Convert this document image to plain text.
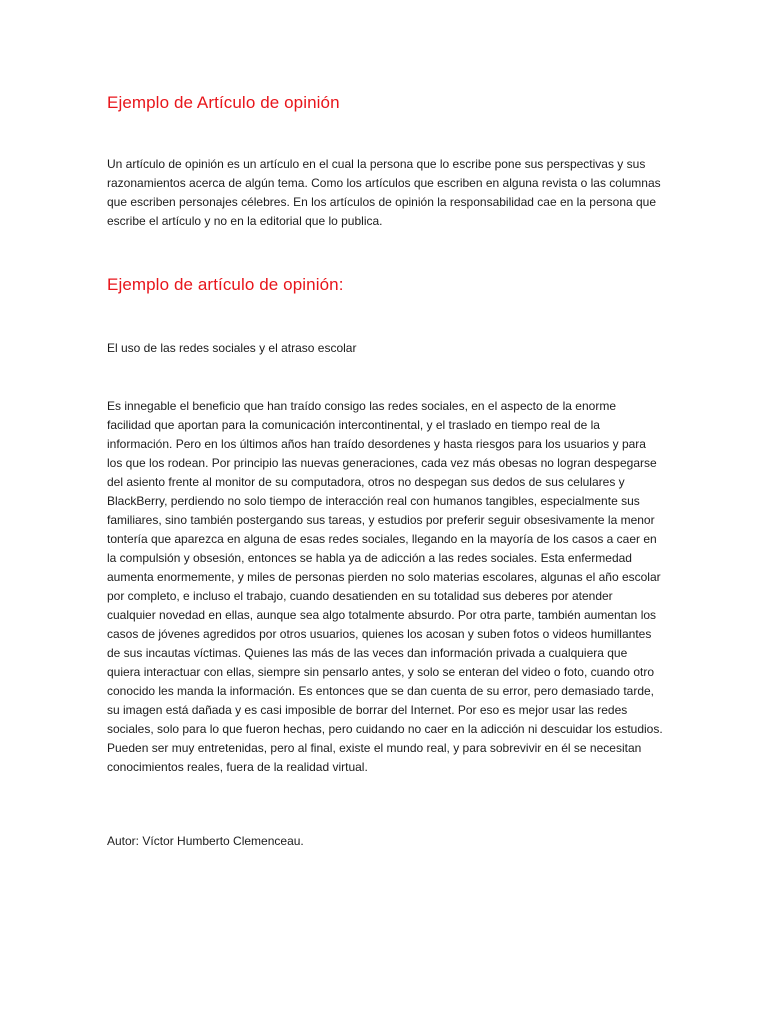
Ejemplo de Artículo de opinión

Un artículo de opinión es un artículo en el cual la persona que lo escribe pone sus perspectivas y sus razonamientos acerca de algún tema. Como los artículos que escriben en alguna revista o las columnas que escriben personajes célebres. En los artículos de opinión la responsabilidad cae en la persona que escribe el artículo y no en la editorial que lo publica.

Ejemplo de artículo de opinión:

El uso de las redes sociales y el atraso escolar

Es innegable el beneficio que han traído consigo las redes sociales, en el aspecto de la enorme facilidad que aportan para la comunicación intercontinental, y el traslado en tiempo real de la información. Pero en los últimos años han traído desordenes y hasta riesgos para los usuarios y para los que los rodean. Por principio las nuevas generaciones, cada vez más obesas no logran despegarse del asiento frente al monitor de su computadora, otros no despegan sus dedos de sus celulares y BlackBerry, perdiendo no solo tiempo de interacción real con humanos tangibles, especialmente sus familiares, sino también postergando sus tareas, y estudios por preferir seguir obsesivamente la menor tontería que aparezca en alguna de esas redes sociales, llegando en la mayoría de los casos a caer en la compulsión y obsesión, entonces se habla ya de adicción a las redes sociales. Esta enfermedad aumenta enormemente, y miles de personas pierden no solo materias escolares, algunas el año escolar por completo, e incluso el trabajo, cuando desatienden en su totalidad sus deberes por atender cualquier novedad en ellas, aunque sea algo totalmente absurdo. Por otra parte, también aumentan los casos de jóvenes agredidos por otros usuarios, quienes los acosan y suben fotos o videos humillantes de sus incautas víctimas. Quienes las más de las veces dan información privada a cualquiera que quiera interactuar con ellas, siempre sin pensarlo antes, y solo se enteran del video o foto, cuando otro conocido les manda la información. Es entonces que se dan cuenta de su error, pero demasiado tarde, su imagen está dañada y es casi imposible de borrar del Internet. Por eso es mejor usar las redes sociales, solo para lo que fueron hechas, pero cuidando no caer en la adicción ni descuidar los estudios. Pueden ser muy entretenidas, pero al final, existe el mundo real, y para sobrevivir en él se necesitan conocimientos reales, fuera de la realidad virtual.

Autor: Víctor Humberto Clemenceau.
